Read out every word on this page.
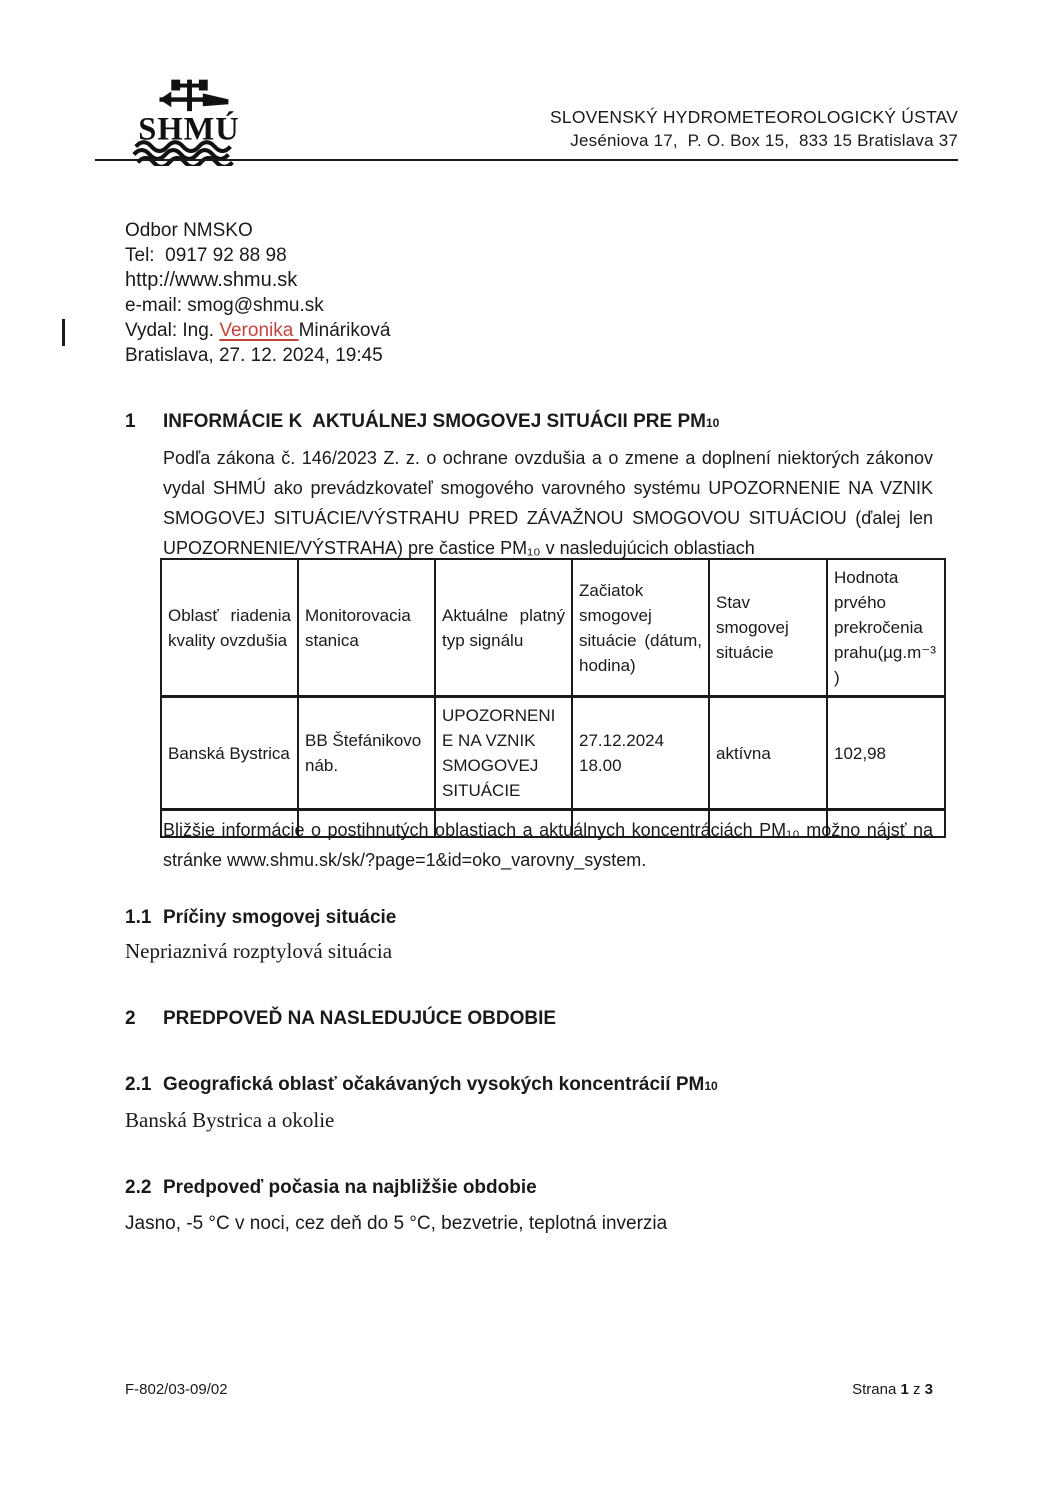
SHMÚ	SLOVENSKÝ HYDROMETEOROLOGICKÝ ÚSTAV
Jeséniova 17,  P. O. Box 15,  833 15 Bratislava 37
Odbor NMSKO
Tel:  0917 92 88 98
http://www.shmu.sk
e-mail: smog@shmu.sk
Vydal: Ing. Veronika Mináriková
Bratislava, 27. 12. 2024, 19:45
1	INFORMÁCIE K  AKTUÁLNEJ SMOGOVEJ SITUÁCII PRE PM10
Podľa zákona č. 146/2023 Z. z. o ochrane ovzdušia a o zmene a doplnení niektorých zákonov vydal SHMÚ ako prevádzkovateľ smogového varovného systému UPOZORNENIE NA VZNIK SMOGOVEJ SITUÁCIE/VÝSTRAHU PRED ZÁVAŽNOU SMOGOVOU SITUÁCIOU (ďalej len UPOZORNENIE/VÝSTRAHA) pre častice PM₁₀ v nasledujúcich oblastiach
Oblasť riadenia kvality ovzdušia	Monitorovacia stanica	Aktuálne platný typ signálu	Začiatok smogovej situácie (dátum, hodina)	Stav smogovej situácie	Hodnota prvého prekročenia prahu(µg.m⁻³)
Banská Bystrica	BB Štefánikovo náb.	UPOZORNENIE NA VZNIK SMOGOVEJ SITUÁCIE	27.12.2024 18.00	aktívna	102,98

Bližšie informácie o postihnutých oblastiach a aktuálnych koncentráciách PM₁₀ možno nájsť na stránke www.shmu.sk/sk/?page=1&id=oko_varovny_system.
1.1 Príčiny smogovej situácie
Nepriaznivá rozptylová situácia
2	PREDPOVEĎ NA NASLEDUJÚCE OBDOBIE
2.1 Geografická oblasť očakávaných vysokých koncentrácií PM10
Banská Bystrica a okolie
2.2 Predpoveď počasia na najbližšie obdobie
Jasno, -5 °C v noci, cez deň do 5 °C, bezvetrie, teplotná inverzia
F-802/03-09/02	Strana 1 z 3
